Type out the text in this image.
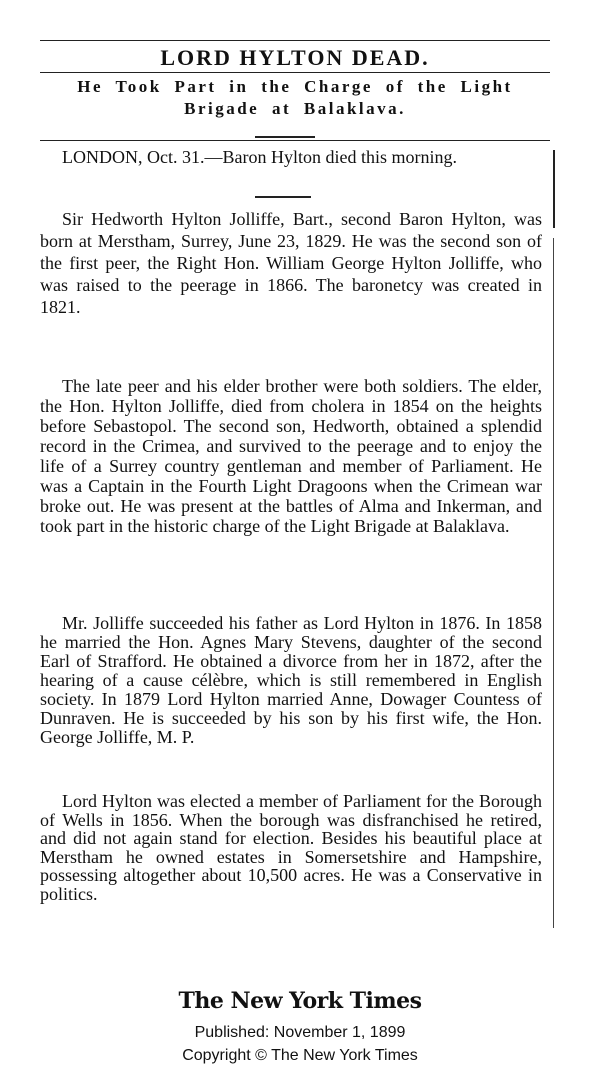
LORD HYLTON DEAD.
He Took Part in the Charge of the Light Brigade at Balaklava.
LONDON, Oct. 31.—Baron Hylton died this morning.
Sir Hedworth Hylton Jolliffe, Bart., second Baron Hylton, was born at Merstham, Surrey, June 23, 1829. He was the second son of the first peer, the Right Hon. William George Hylton Jolliffe, who was raised to the peerage in 1866. The baronetcy was created in 1821.
The late peer and his elder brother were both soldiers. The elder, the Hon. Hylton Jolliffe, died from cholera in 1854 on the heights before Sebastopol. The second son, Hedworth, obtained a splendid record in the Crimea, and survived to the peerage and to enjoy the life of a Surrey country gentleman and member of Parliament. He was a Captain in the Fourth Light Dragoons when the Crimean war broke out. He was present at the battles of Alma and Inkerman, and took part in the historic charge of the Light Brigade at Balaklava.
Mr. Jolliffe succeeded his father as Lord Hylton in 1876. In 1858 he married the Hon. Agnes Mary Stevens, daughter of the second Earl of Strafford. He obtained a divorce from her in 1872, after the hearing of a cause célèbre, which is still remembered in English society. In 1879 Lord Hylton married Anne, Dowager Countess of Dunraven. He is succeeded by his son by his first wife, the Hon. George Jolliffe, M. P.
Lord Hylton was elected a member of Parliament for the Borough of Wells in 1856. When the borough was disfranchised he retired, and did not again stand for election. Besides his beautiful place at Merstham he owned estates in Somersetshire and Hampshire, possessing altogether about 10,500 acres. He was a Conservative in politics.
The New York Times
Published: November 1, 1899
Copyright © The New York Times
